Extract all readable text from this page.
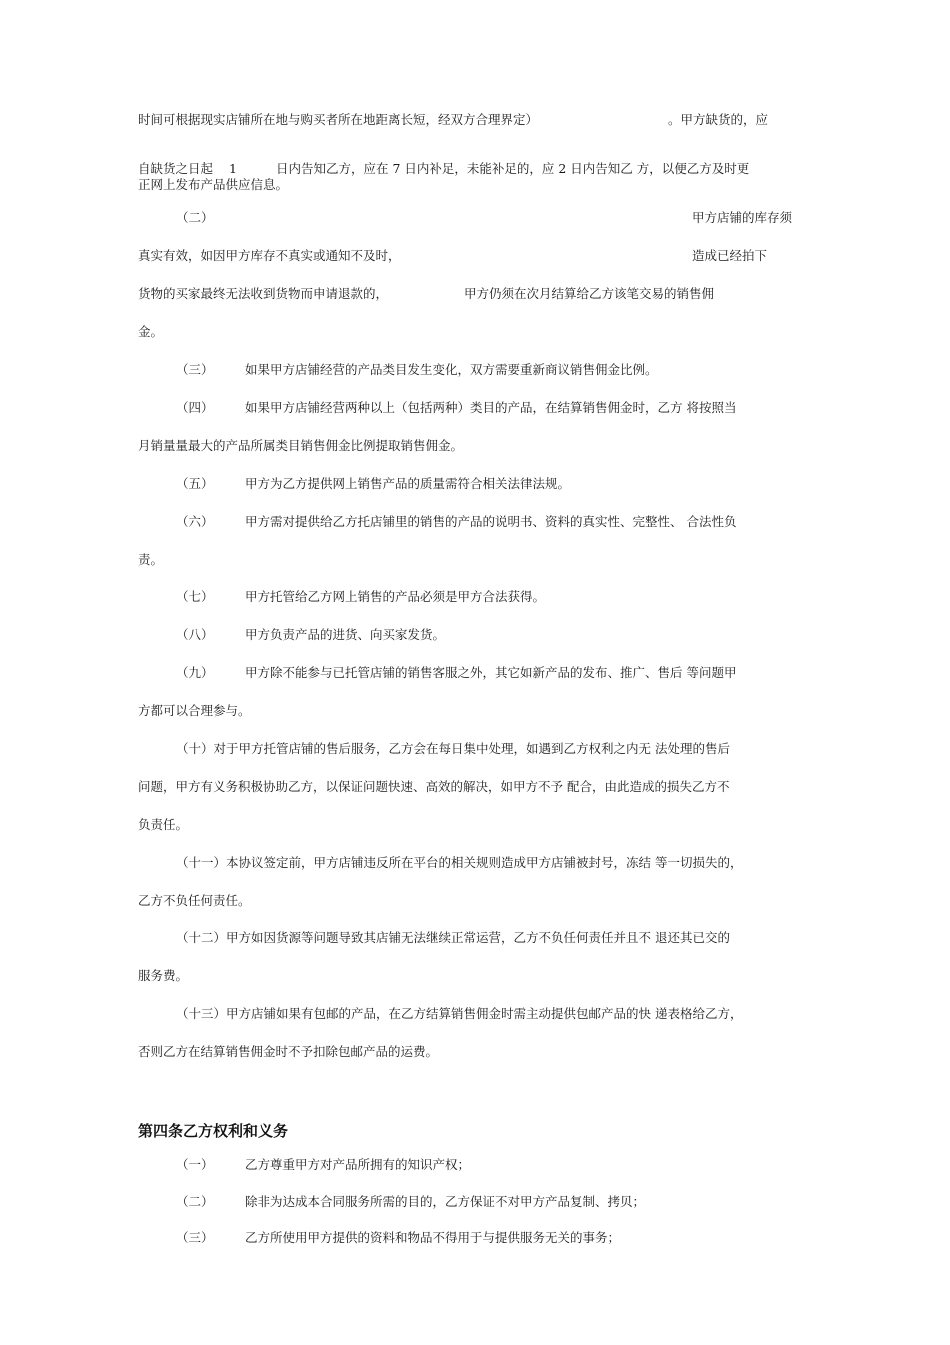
时间可根据现实店铺所在地与购买者所在地距离长短，经双方合理界定）	。甲方缺货的，应
自缺货之日起 1	日内告知乙方，应在 7 日内补足，未能补足的，应 2 日内告知乙 方，以便乙方及时更
正网上发布产品供应信息。
（二）	甲方店铺的库存须
真实有效，如因甲方库存不真实或通知不及时，	造成已经拍下
货物的买家最终无法收到货物而申请退款的，	甲方仍须在次月结算给乙方该笔交易的销售佣
金。
（三）	如果甲方店铺经营的产品类目发生变化，双方需要重新商议销售佣金比例。
（四）	如果甲方店铺经营两种以上（包括两种）类目的产品，在结算销售佣金时，乙方 将按照当
月销量量最大的产品所属类目销售佣金比例提取销售佣金。
（五）	甲方为乙方提供网上销售产品的质量需符合相关法律法规。
（六）	甲方需对提供给乙方托店铺里的销售的产品的说明书、资料的真实性、完整性、 合法性负
责。
（七）	甲方托管给乙方网上销售的产品必须是甲方合法获得。
（八）	甲方负责产品的进货、向买家发货。
（九）	甲方除不能参与已托管店铺的销售客服之外，其它如新产品的发布、推广、售后 等问题甲
方都可以合理参与。
（十）对于甲方托管店铺的售后服务，乙方会在每日集中处理，如遇到乙方权利之内无 法处理的售后
问题，甲方有义务积极协助乙方，以保证问题快速、高效的解决，如甲方不予 配合，由此造成的损失乙方不
负责任。
（十一）本协议签定前，甲方店铺违反所在平台的相关规则造成甲方店铺被封号，冻结 等一切损失的，
乙方不负任何责任。
（十二）甲方如因货源等问题导致其店铺无法继续正常运营，乙方不负任何责任并且不 退还其已交的
服务费。
（十三）甲方店铺如果有包邮的产品，在乙方结算销售佣金时需主动提供包邮产品的快 递表格给乙方，
否则乙方在结算销售佣金时不予扣除包邮产品的运费。
第四条乙方权利和义务
（一）	乙方尊重甲方对产品所拥有的知识产权；
（二）	除非为达成本合同服务所需的目的，乙方保证不对甲方产品复制、拷贝；
（三）	乙方所使用甲方提供的资料和物品不得用于与提供服务无关的事务；
